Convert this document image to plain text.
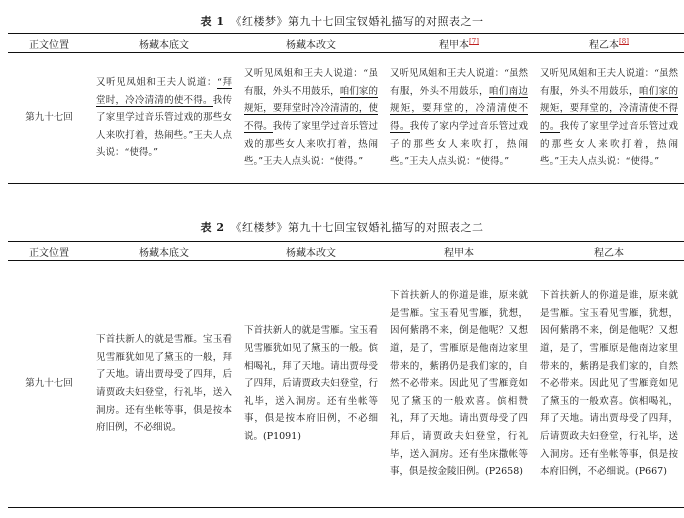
表 1 《红楼梦》第九十七回宝钗婚礼描写的对照表之一
正文位置	杨藏本底文	杨藏本改文	程甲本[7]	程乙本[8]
第九十七回	又听见凤姐和王夫人说道：“拜堂时，冷冷清清的使不得。我传了家里学过音乐管过戏的那些女人来吹打着，热闹些。”王夫人点头说：“使得。”	又听见凤姐和王夫人说道：“虽有服，外头不用鼓乐，咱们家的规矩，要拜堂时冷冷清清的，使不得。我传了家里学过音乐管过戏的那些女人来吹打着，热闹些。”王夫人点头说：“使得。”	又听见凤姐和王夫人说道：“虽然有服，外头不用鼓乐，咱们南边规矩，要拜堂的，冷清清使不得。我传了家内学过音乐管过戏子的那些女人来吹打，热闹些。”王夫人点头说：“使得。”	又听见凤姐和王夫人说道：“虽然有服，外头不用鼓乐，咱们家的规矩，要拜堂的，冷清清使不得的。我传了家里学过音乐管过戏的那些女人来吹打着，热闹些。”王夫人点头说：“使得。”
表 2 《红楼梦》第九十七回宝钗婚礼描写的对照表之二
正文位置	杨藏本底文	杨藏本改文	程甲本	程乙本
第九十七回	下首扶新人的就是雪雁。宝玉看见雪雁犹如见了黛玉的一般，拜了天地。请出贾母受了四拜，后请贾政夫妇登堂，行礼毕，送入洞房。还有坐帐等事，俱是按本府旧例，不必细说。	下首扶新人的就是雪雁。宝玉看见雪雁犹如见了黛玉的一般。傧相喝礼，拜了天地。请出贾母受了四拜，后请贾政夫妇登堂，行礼毕，送入洞房。还有坐帐等事，俱是按本府旧例，不必细说。(P1091)	下首扶新人的你道是谁，原来就是雪雁。宝玉看见雪雁，犹想，因何紫鹃不来，倒是他呢？又想道，是了，雪雁原是他南边家里带来的，紫鹃仍是我们家的，自然不必带来。因此见了雪雁竟如见了黛玉的一般欢喜。傧相赞礼，拜了天地。请出贾母受了四拜后，请贾政夫妇登堂，行礼毕，送入洞房。还有坐床撒帐等事，俱是按金陵旧例。(P2658)	下首扶新人的你道是谁，原来就是雪雁。宝玉看见雪雁，犹想，因何紫鹃不来，倒是他呢？又想道，是了，雪雁原是他南边家里带来的，紫鹃是我们家的，自然不必带来。因此见了雪雁竟如见了黛玉的一般欢喜。傧相喝礼，拜了天地。请出贾母受了四拜，后请贾政夫妇登堂，行礼毕，送入洞房。还有坐帐等事，俱是按本府旧例，不必细说。(P667)
